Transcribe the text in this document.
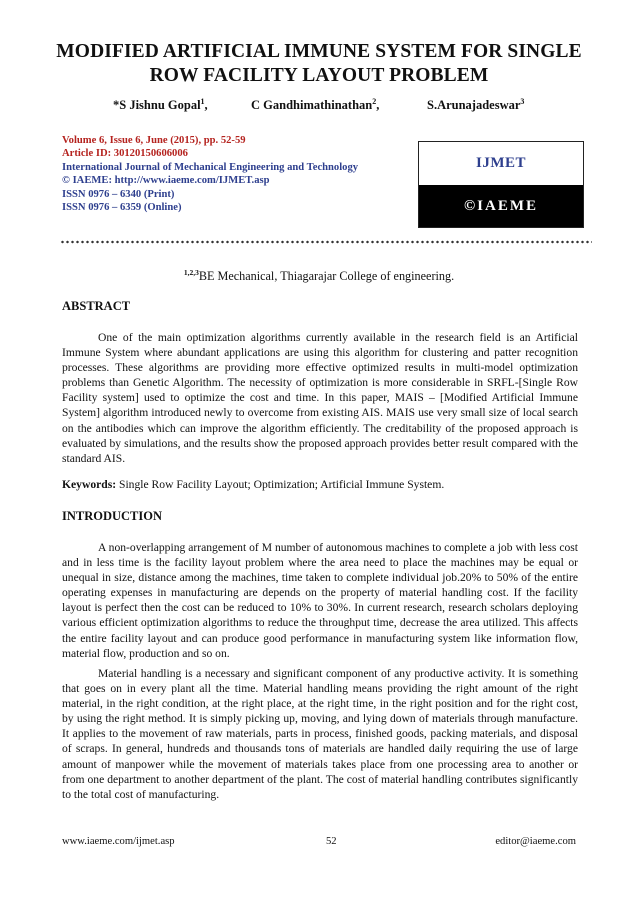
MODIFIED ARTIFICIAL IMMUNE SYSTEM FOR SINGLE ROW FACILITY LAYOUT PROBLEM
*S Jishnu Gopal$^1$,	C Gandhimathinathan$^2$,	S.Arunajadeswar$^3$
Volume 6, Issue 6, June (2015), pp. 52-59
Article ID: 30120150606006
International Journal of Mechanical Engineering and Technology
© IAEME: http://www.iaeme.com/IJMET.asp
ISSN 0976 – 6340 (Print)
ISSN 0976 – 6359 (Online)
IJMET
©IAEME
$^{1,2,3}$BE Mechanical, Thiagarajar College of engineering.
ABSTRACT

One of the main optimization algorithms currently available in the research field is an Artificial Immune System where abundant applications are using this algorithm for clustering and patter recognition processes. These algorithms are providing more effective optimized results in multi-model optimization problems than Genetic Algorithm. The necessity of optimization is more considerable in SRFL-[Single Row Facility system] used to optimize the cost and time. In this paper, MAIS – [Modified Artificial Immune System] algorithm introduced newly to overcome from existing AIS. MAIS use very small size of local search on the antibodies which can improve the algorithm efficiently. The creditability of the proposed approach is evaluated by simulations, and the results show the proposed approach provides better result compared with the standard AIS.

Keywords: Single Row Facility Layout; Optimization; Artificial Immune System.
INTRODUCTION

A non-overlapping arrangement of M number of autonomous machines to complete a job with less cost and in less time is the facility layout problem where the area need to place the machines may be equal or unequal in size, distance among the machines, time taken to complete individual job.20% to 50% of the entire operating expenses in manufacturing are depends on the property of material handling cost. If the facility layout is perfect then the cost can be reduced to 10% to 30%. In current research, research scholars deploying various efficient optimization algorithms to reduce the throughput time, decrease the area utilized. This affects the entire facility layout and can produce good performance in manufacturing system like information flow, material flow, production and so on.

Material handling is a necessary and significant component of any productive activity. It is something that goes on in every plant all the time. Material handling means providing the right amount of the right material, in the right condition, at the right place, at the right time, in the right position and for the right cost, by using the right method. It is simply picking up, moving, and lying down of materials through manufacture. It applies to the movement of raw materials, parts in process, finished goods, packing materials, and disposal of scraps. In general, hundreds and thousands tons of materials are handled daily requiring the use of large amount of manpower while the movement of materials takes place from one processing area to another or from one department to another department of the plant. The cost of material handling contributes significantly to the total cost of manufacturing.

www.iaeme.com/ijmet.asp	52	editor@iaeme.com
